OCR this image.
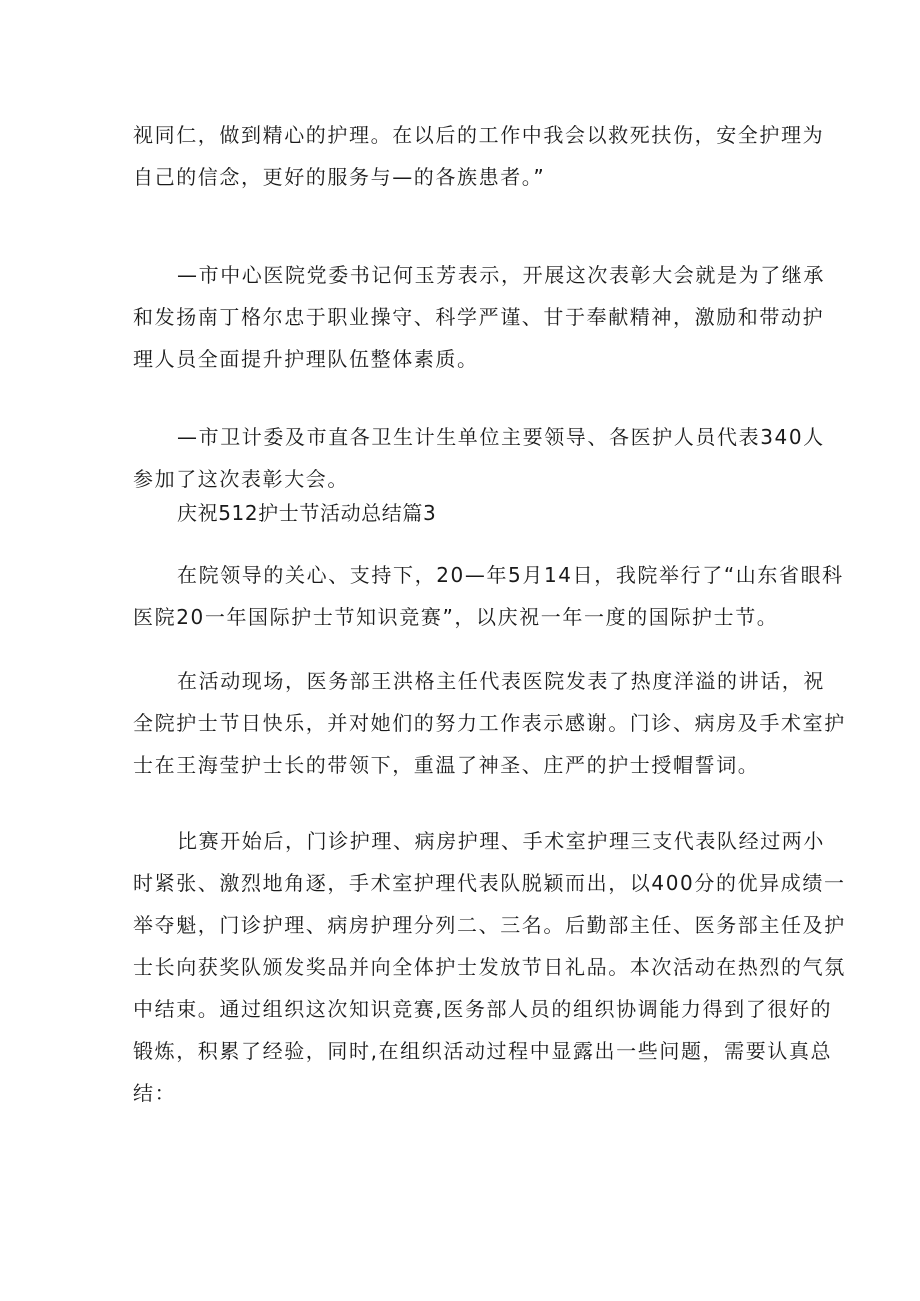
视同仁，做到精心的护理。在以后的工作中我会以救死扶伤，安全护理为
自己的信念，更好的服务与—的各族患者。”
—市中心医院党委书记何玉芳表示，开展这次表彰大会就是为了继承
和发扬南丁格尔忠于职业操守、科学严谨、甘于奉献精神，激励和带动护
理人员全面提升护理队伍整体素质。
—市卫计委及市直各卫生计生单位主要领导、各医护人员代表340人
参加了这次表彰大会。
庆祝512护士节活动总结篇3
在院领导的关心、支持下，20—年5月14日，我院举行了“山东省眼科
医院20一年国际护士节知识竞赛”，以庆祝一年一度的国际护士节。
在活动现场，医务部王洪格主任代表医院发表了热度洋溢的讲话，祝
全院护士节日快乐，并对她们的努力工作表示感谢。门诊、病房及手术室护
士在王海莹护士长的带领下，重温了神圣、庄严的护士授帽誓词。
比赛开始后，门诊护理、病房护理、手术室护理三支代表队经过两小
时紧张、激烈地角逐，手术室护理代表队脱颖而出，以400分的优异成绩一
举夺魁，门诊护理、病房护理分列二、三名。后勤部主任、医务部主任及护
士长向获奖队颁发奖品并向全体护士发放节日礼品。本次活动在热烈的气氛
中结束。通过组织这次知识竞赛,医务部人员的组织协调能力得到了很好的
锻炼，积累了经验，同时,在组织活动过程中显露出一些问题，需要认真总
结：
